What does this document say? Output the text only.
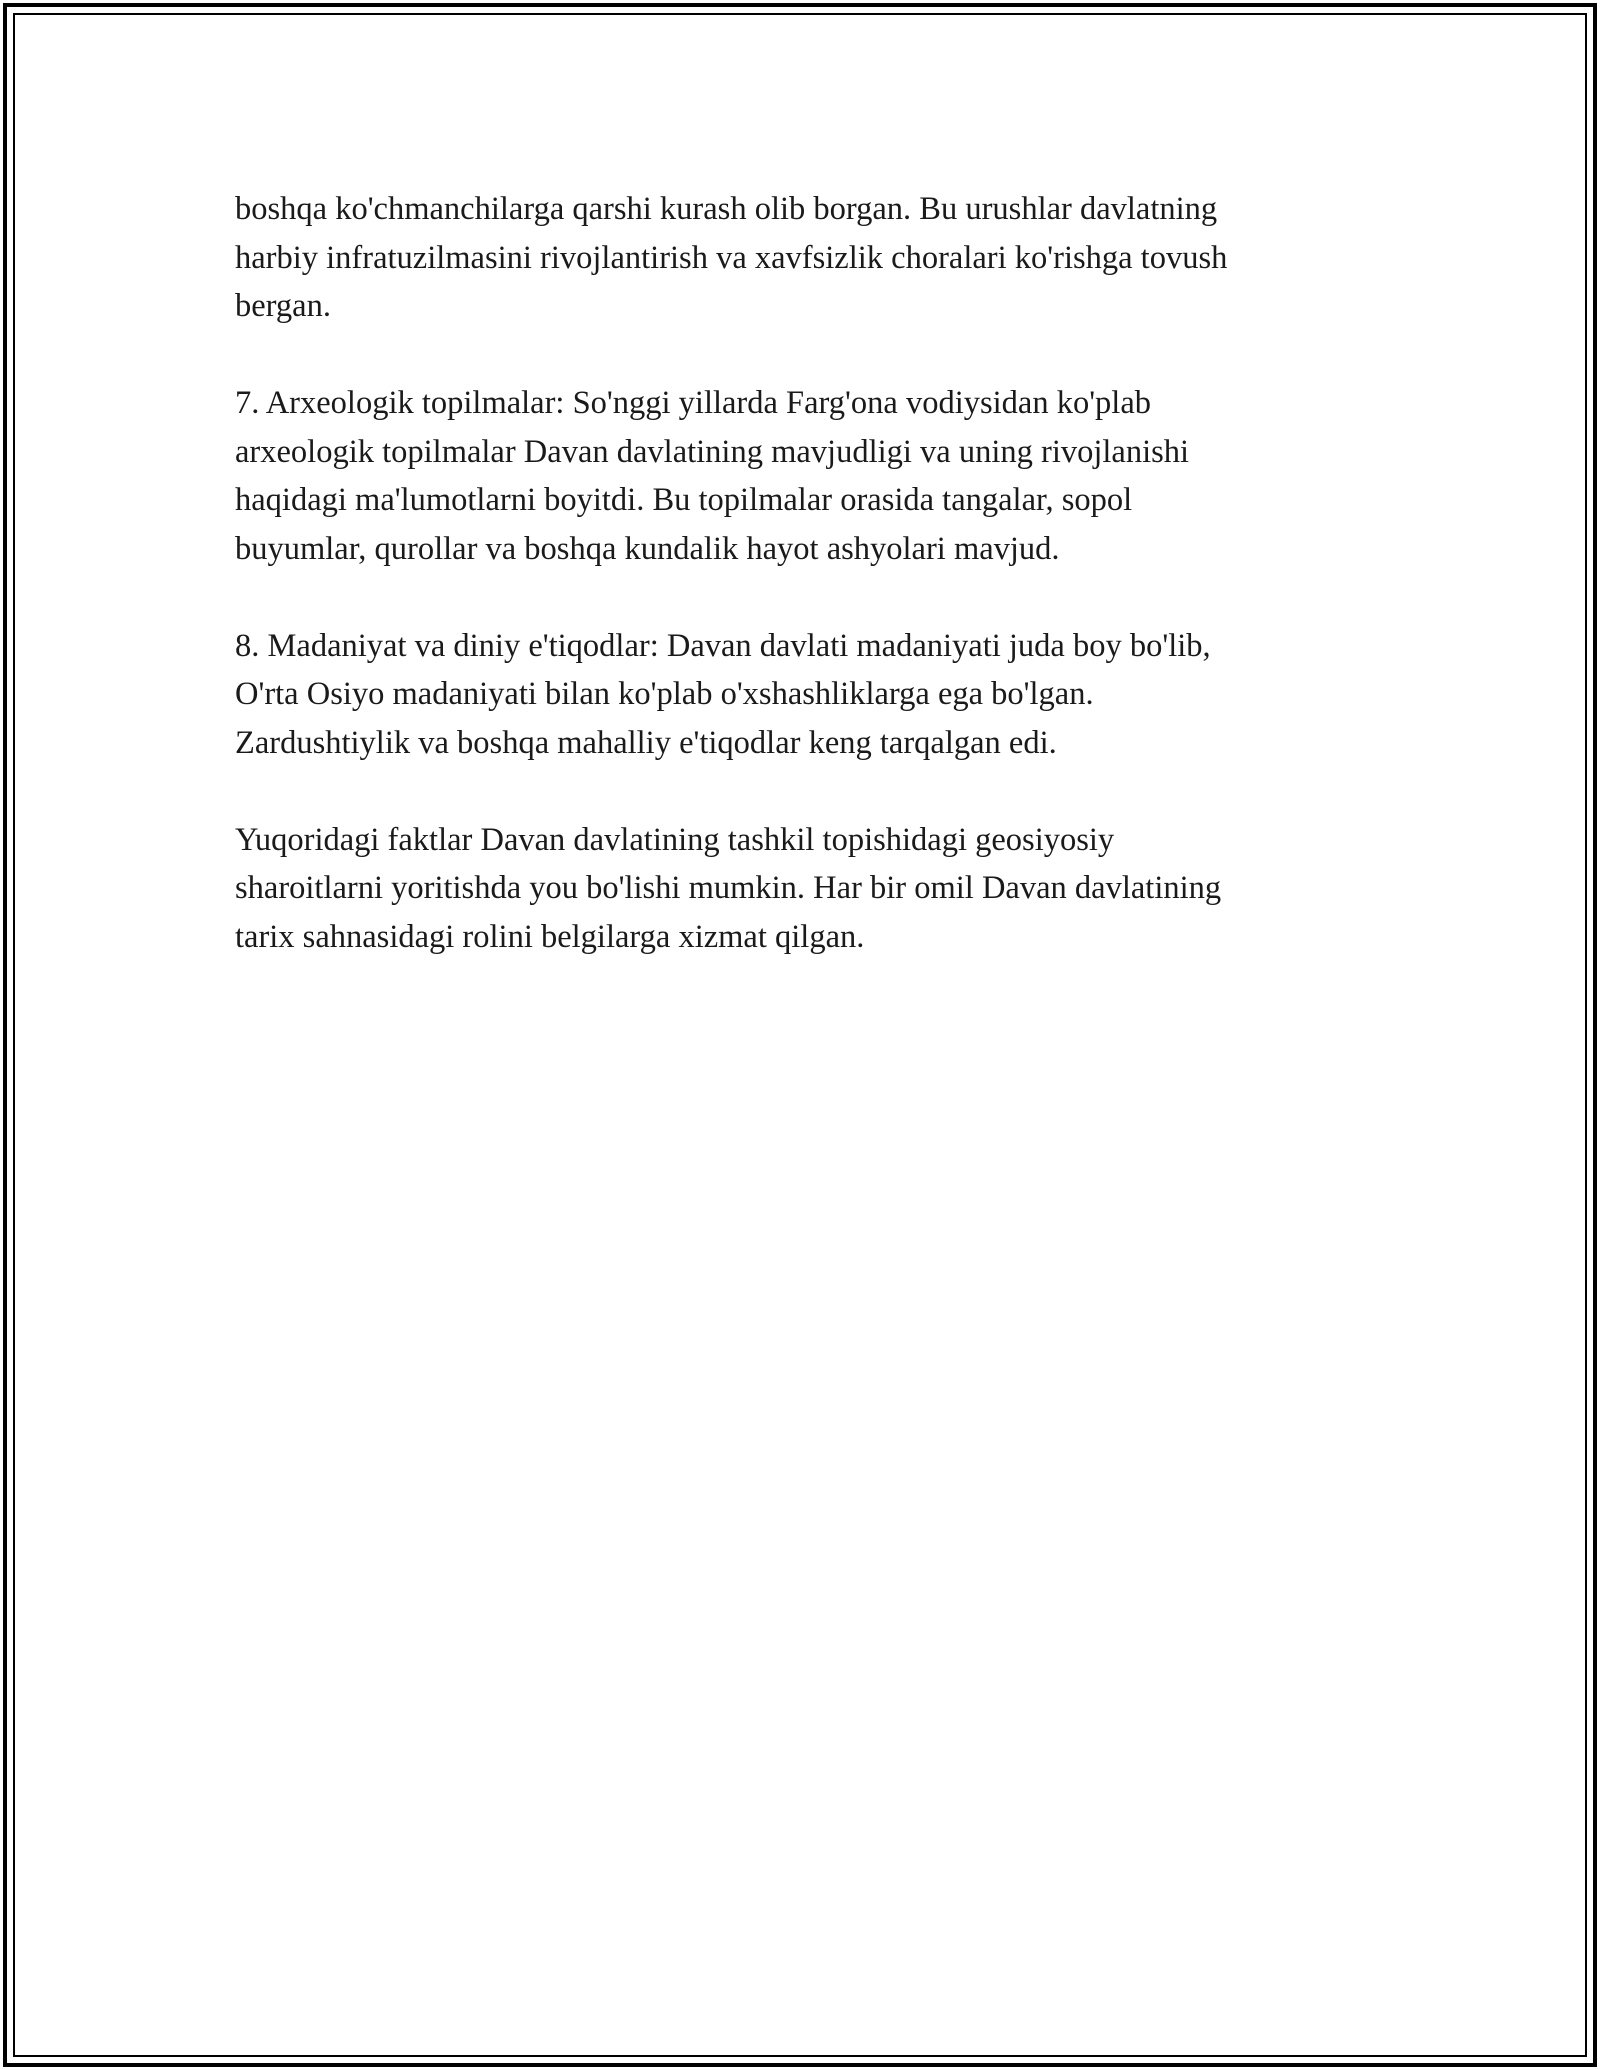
boshqa ko'chmanchilarga qarshi kurash olib borgan. Bu urushlar davlatning
harbiy infratuzilmasini rivojlantirish va xavfsizlik choralari ko'rishga tovush
bergan.

7. Arxeologik topilmalar: So'nggi yillarda Farg'ona vodiysidan ko'plab
arxeologik topilmalar Davan davlatining mavjudligi va uning rivojlanishi
haqidagi ma'lumotlarni boyitdi. Bu topilmalar orasida tangalar, sopol
buyumlar, qurollar va boshqa kundalik hayot ashyolari mavjud.

8. Madaniyat va diniy e'tiqodlar: Davan davlati madaniyati juda boy bo'lib,
O'rta Osiyo madaniyati bilan ko'plab o'xshashliklarga ega bo'lgan.
Zardushtiylik va boshqa mahalliy e'tiqodlar keng tarqalgan edi.

Yuqoridagi faktlar Davan davlatining tashkil topishidagi geosiyosiy
sharoitlarni yoritishda you bo'lishi mumkin. Har bir omil Davan davlatining
tarix sahnasidagi rolini belgilarga xizmat qilgan.
